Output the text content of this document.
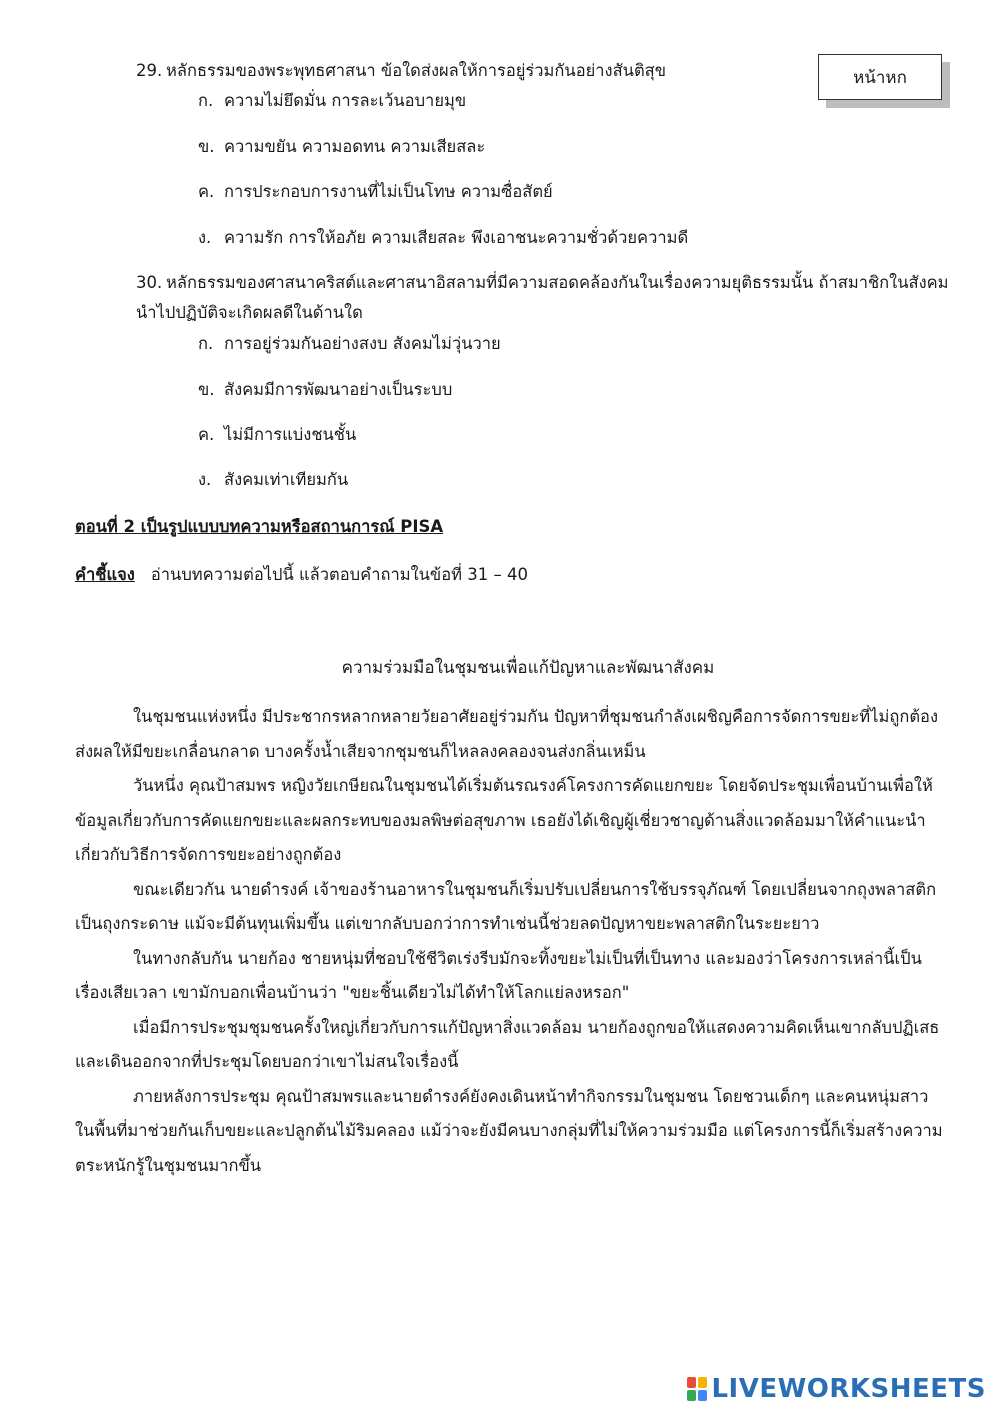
29. หลักธรรมของพระพุทธศาสนา ข้อใดส่งผลให้การอยู่ร่วมกันอย่างสันติสุข
ก. ความไม่ยึดมั่น การละเว้นอบายมุข
ข. ความขยัน ความอดทน ความเสียสละ
ค. การประกอบการงานที่ไม่เป็นโทษ ความซื่อสัตย์
ง. ความรัก การให้อภัย ความเสียสละ พึงเอาชนะความชั่วด้วยความดี
หน้าหก
30. หลักธรรมของศาสนาคริสต์และศาสนาอิสลามที่มีความสอดคล้องกันในเรื่องความยุติธรรมนั้น ถ้าสมาชิกในสังคม
นำไปปฏิบัติจะเกิดผลดีในด้านใด
ก. การอยู่ร่วมกันอย่างสงบ สังคมไม่วุ่นวาย
ข. สังคมมีการพัฒนาอย่างเป็นระบบ
ค. ไม่มีการแบ่งชนชั้น
ง. สังคมเท่าเทียมกัน
ตอนที่ 2 เป็นรูปแบบบทความหรือสถานการณ์ PISA
คำชี้แจง อ่านบทความต่อไปนี้ แล้วตอบคำถามในข้อที่ 31 – 40
ความร่วมมือในชุมชนเพื่อแก้ปัญหาและพัฒนาสังคม

ในชุมชนแห่งหนึ่ง มีประชากรหลากหลายวัยอาศัยอยู่ร่วมกัน ปัญหาที่ชุมชนกำลังเผชิญคือการจัดการขยะที่ไม่ถูกต้องส่งผลให้มีขยะเกลื่อนกลาด บางครั้งน้ำเสียจากชุมชนก็ไหลลงคลองจนส่งกลิ่นเหม็น

วันหนึ่ง คุณป้าสมพร หญิงวัยเกษียณในชุมชนได้เริ่มต้นรณรงค์โครงการคัดแยกขยะ โดยจัดประชุมเพื่อนบ้านเพื่อให้ข้อมูลเกี่ยวกับการคัดแยกขยะและผลกระทบของมลพิษต่อสุขภาพ เธอยังได้เชิญผู้เชี่ยวชาญด้านสิ่งแวดล้อมมาให้คำแนะนำเกี่ยวกับวิธีการจัดการขยะอย่างถูกต้อง

ขณะเดียวกัน นายดำรงค์ เจ้าของร้านอาหารในชุมชนก็เริ่มปรับเปลี่ยนการใช้บรรจุภัณฑ์ โดยเปลี่ยนจากถุงพลาสติกเป็นถุงกระดาษ แม้จะมีต้นทุนเพิ่มขึ้น แต่เขากลับบอกว่าการทำเช่นนี้ช่วยลดปัญหาขยะพลาสติกในระยะยาว

ในทางกลับกัน นายก้อง ชายหนุ่มที่ชอบใช้ชีวิตเร่งรีบมักจะทิ้งขยะไม่เป็นที่เป็นทาง และมองว่าโครงการเหล่านี้เป็นเรื่องเสียเวลา เขามักบอกเพื่อนบ้านว่า "ขยะชิ้นเดียวไม่ได้ทำให้โลกแย่ลงหรอก"

เมื่อมีการประชุมชุมชนครั้งใหญ่เกี่ยวกับการแก้ปัญหาสิ่งแวดล้อม นายก้องถูกขอให้แสดงความคิดเห็นเขากลับปฏิเสธและเดินออกจากที่ประชุมโดยบอกว่าเขาไม่สนใจเรื่องนี้

ภายหลังการประชุม คุณป้าสมพรและนายดำรงค์ยังคงเดินหน้าทำกิจกรรมในชุมชน โดยชวนเด็กๆ และคนหนุ่มสาวในพื้นที่มาช่วยกันเก็บขยะและปลูกต้นไม้ริมคลอง แม้ว่าจะยังมีคนบางกลุ่มที่ไม่ให้ความร่วมมือ แต่โครงการนี้ก็เริ่มสร้างความตระหนักรู้ในชุมชนมากขึ้น

LIVEWORKSHEETS
